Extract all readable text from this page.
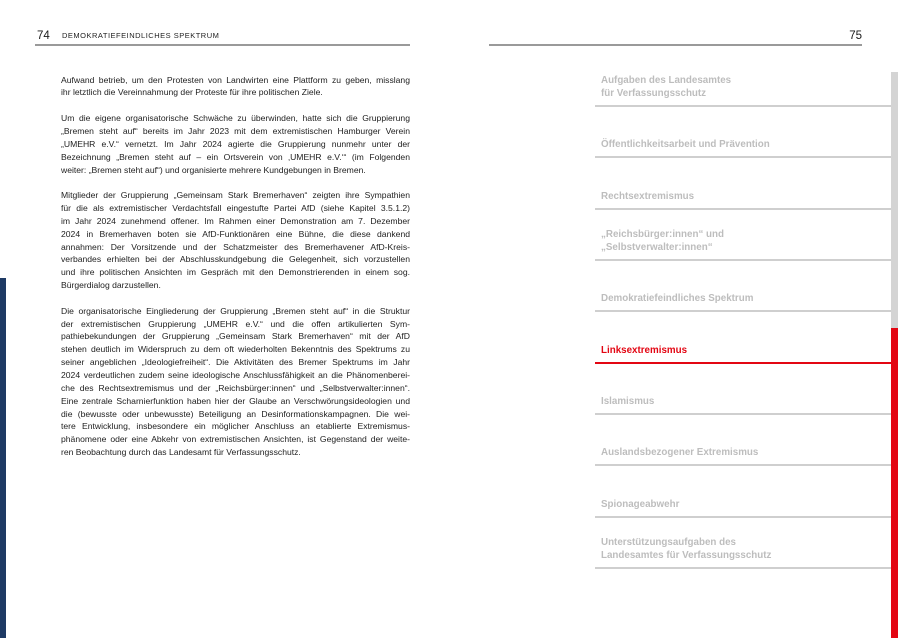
74 DEMOKRATIEFEINDLICHES SPEKTRUM
Aufwand betrieb, um den Protesten von Landwirten eine Plattform zu geben, misslang
ihr letztlich die Vereinnahmung der Proteste für ihre politischen Ziele.
Um die eigene organisatorische Schwäche zu überwinden, hatte sich die Gruppierung
„Bremen steht auf“ bereits im Jahr 2023 mit dem extremistischen Hamburger Verein
„UMEHR e.V.“ vernetzt. Im Jahr 2024 agierte die Gruppierung nunmehr unter der
Bezeichnung „Bremen steht auf – ein Ortsverein von ‚UMEHR e.V.‘“ (im Folgenden
weiter: „Bremen steht auf“) und organisierte mehrere Kundgebungen in Bremen.
Mitglieder der Gruppierung „Gemeinsam Stark Bremerhaven“ zeigten ihre Sympathien
für die als extremistischer Verdachtsfall eingestufte Partei AfD (siehe Kapitel 3.5.1.2)
im Jahr 2024 zunehmend offener. Im Rahmen einer Demonstration am 7. Dezember
2024 in Bremerhaven boten sie AfD-Funktionären eine Bühne, die diese dankend
annahmen: Der Vorsitzende und der Schatzmeister des Bremerhavener AfD-Kreis-
verbandes erhielten bei der Abschlusskundgebung die Gelegenheit, sich vorzustellen
und ihre politischen Ansichten im Gespräch mit den Demonstrierenden in einem sog.
Bürgerdialog darzustellen.
Die organisatorische Eingliederung der Gruppierung „Bremen steht auf“ in die Struktur
der extremistischen Gruppierung „UMEHR e.V.“ und die offen artikulierten Sym-
pathiebekundungen der Gruppierung „Gemeinsam Stark Bremerhaven“ mit der AfD
stehen deutlich im Widerspruch zu dem oft wiederholten Bekenntnis des Spektrums zu
seiner angeblichen „Ideologiefreiheit“. Die Aktivitäten des Bremer Spektrums im Jahr
2024 verdeutlichen zudem seine ideologische Anschlussfähigkeit an die Phänomenberei-
che des Rechtsextremismus und der „Reichsbürger:innen“ und „Selbstverwalter:innen“.
Eine zentrale Scharnierfunktion haben hier der Glaube an Verschwörungsideologien und
die (bewusste oder unbewusste) Beteiligung an Desinformationskampagnen. Die wei-
tere Entwicklung, insbesondere ein möglicher Anschluss an etablierte Extremismus-
phänomene oder eine Abkehr von extremistischen Ansichten, ist Gegenstand der weite-
ren Beobachtung durch das Landesamt für Verfassungsschutz.
75
Aufgaben des Landesamtes
für Verfassungsschutz
Öffentlichkeitsarbeit und Prävention
Rechtsextremismus
„Reichsbürger:innen“ und
„Selbstverwalter:innen“
Demokratiefeindliches Spektrum
Linksextremismus
Islamismus
Auslandsbezogener Extremismus
Spionageabwehr
Unterstützungsaufgaben des
Landesamtes für Verfassungsschutz
